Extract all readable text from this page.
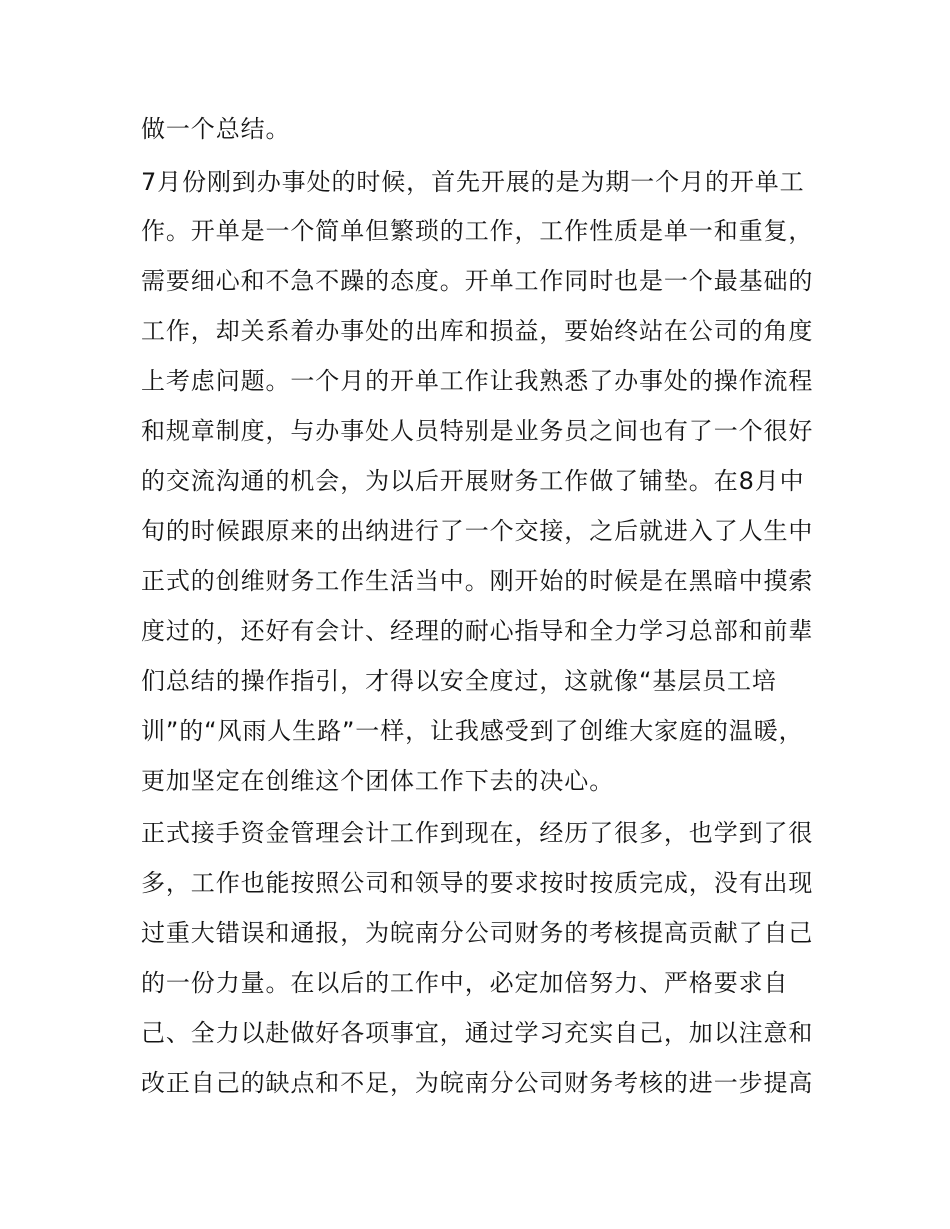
做一个总结。
7月份刚到办事处的时候，首先开展的是为期一个月的开单工
作。开单是一个简单但繁琐的工作，工作性质是单一和重复，
需要细心和不急不躁的态度。开单工作同时也是一个最基础的
工作，却关系着办事处的出库和损益，要始终站在公司的角度
上考虑问题。一个月的开单工作让我熟悉了办事处的操作流程
和规章制度，与办事处人员特别是业务员之间也有了一个很好
的交流沟通的机会，为以后开展财务工作做了铺垫。在8月中
旬的时候跟原来的出纳进行了一个交接，之后就进入了人生中
正式的创维财务工作生活当中。刚开始的时候是在黑暗中摸索
度过的，还好有会计、经理的耐心指导和全力学习总部和前辈
们总结的操作指引，才得以安全度过，这就像“基层员工培
训”的“风雨人生路”一样，让我感受到了创维大家庭的温暖，
更加坚定在创维这个团体工作下去的决心。
正式接手资金管理会计工作到现在，经历了很多，也学到了很
多，工作也能按照公司和领导的要求按时按质完成，没有出现
过重大错误和通报，为皖南分公司财务的考核提高贡献了自己
的一份力量。在以后的工作中，必定加倍努力、严格要求自
己、全力以赴做好各项事宜，通过学习充实自己，加以注意和
改正自己的缺点和不足，为皖南分公司财务考核的进一步提高
